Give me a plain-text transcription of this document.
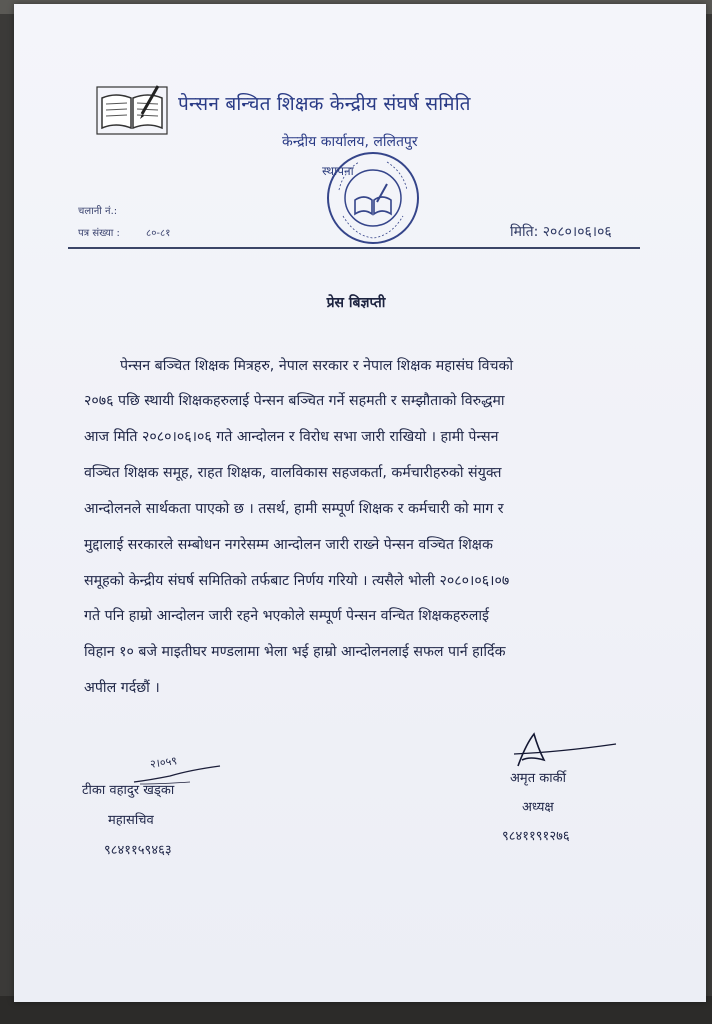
पेन्सन बन्चित शिक्षक केन्द्रीय संघर्ष समिति
केन्द्रीय कार्यालय, ललितपुर
स्थापना
चलानी नं.:
पत्र संख्या :	८०-८१	मिति: २०८०।०६।०६
प्रेस बिज्ञप्ती
पेन्सन बञ्चित शिक्षक मित्रहरु, नेपाल सरकार र नेपाल शिक्षक महासंघ विचको
२०७६ पछि स्थायी शिक्षकहरुलाई पेन्सन बञ्चित गर्ने सहमती र सम्झौताको विरुद्धमा
आज मिति २०८०।०६।०६ गते आन्दोलन र विरोध सभा जारी राखियो । हामी पेन्सन
वञ्चित शिक्षक समूह, राहत शिक्षक, वालविकास सहजकर्ता, कर्मचारीहरुको संयुक्त
आन्दोलनले सार्थकता पाएको छ । तसर्थ, हामी सम्पूर्ण शिक्षक र कर्मचारी को माग र
मुद्दालाई सरकारले सम्बोधन नगरेसम्म आन्दोलन जारी राख्ने पेन्सन वञ्चित शिक्षक
समूहको केन्द्रीय संघर्ष समितिको तर्फबाट निर्णय गरियो । त्यसैले भोली २०८०।०६।०७
गते पनि हाम्रो आन्दोलन जारी रहने भएकोले सम्पूर्ण पेन्सन वन्चित शिक्षकहरुलाई
विहान १० बजे माइतीघर मण्डलामा भेला भई हाम्रो आन्दोलनलाई सफल पार्न हार्दिक
अपील गर्दछौं ।
२।०५९
टीका वहादुर खड्का
महासचिव
९८४११५९४६३
अमृत कार्की
अध्यक्ष
९८४११९१२७६
